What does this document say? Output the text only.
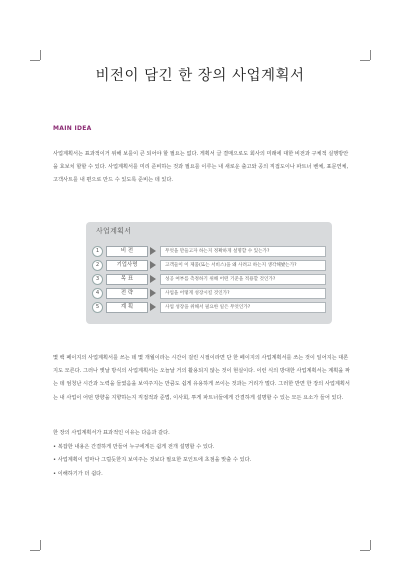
비전이 담긴 한 장의 사업계획서
MAIN IDEA
사업계획서는 표과적이거 위해 보를이 큰 되어야 할 필요는 없다. 게획서 글 결매으로도 회사의 미래에 대한 비전과 구체적 실행방안을 효보치 할할 수 있다. 사업계획서를 미리 준비하는 것과 필요를 이루는 내 새로운 출고와 공의 직접도이나 파트너 벤체, 표문연체, 고객사트를 내 편으로 만드 수 있도록 준비는 데 있다.
사업계획서
1	비 전	무엇을 만들고자 하는지 정확하게 설명할 수 있는가?
2	기업사명	고객들이 이 제품(또는 서비스)을 왜 사려고 하는지 생각해봤는가?
3	목 표	성공 여부를 측정하기 위해 어떤 기준을 적용할 것인가?
4	전 략	사업을 어떻게 성장시킬 것인가?
5	계 획	사업 성장을 위해서 필요한 일은 무엇인가?
몇 백 페이지의 사업계획서를 쓰는 데 몇 개월이라는 시간이 걸린 시절이라면 단 한 페이지의 사업계획서를 쓰는 것이 일어지는 대론지도 모른다. 그러나 옛날 방식의 사업계획서는 오늘날 거의 활용되지 않는 것이 현실이다. 이런 식의 방대한 사업계획서는 계획을 짜는 데 엄청난 시간과 노력을 들였음을 보여주지는 만큼도 쉽게 유용하게 쓰이는 것과는 거리가 멀다. 그러한 반면 한 장의 사업계획서는 내 사업이 어떤 방향을 지향하는지 직접적과 준법, 이사회, 투게 파트너들에게 간결하게 설명할 수 있는 모든 요소가 들어 있다.
한 장의 사업계획서가 표과적인 이유는 다음과 같다.
• 복잡한 내용은 간결하게 만들어 누구에게든 쉽게 전개 설명할 수 있다.
• 사업계획이 얼마나 그럴듯한지 보여주는 것보다 필요한 포인트에 초점을 맞출 수 있다.
• 이해하기가 더 쉽다.
